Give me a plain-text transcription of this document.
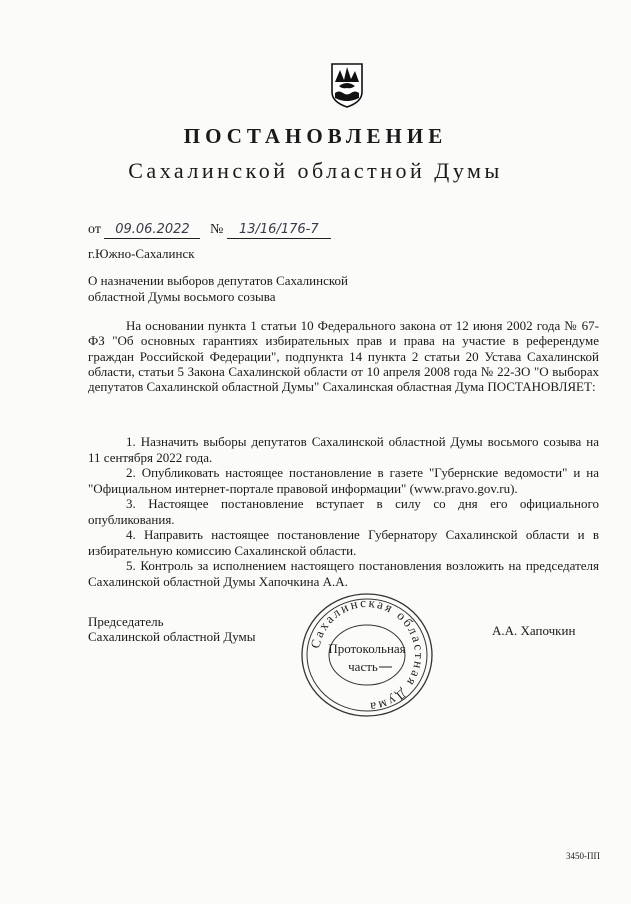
ПОСТАНОВЛЕНИЕ
Сахалинской областной Думы
от 09.06.2022 № 13/16/176-7
г.Южно-Сахалинск
О назначении выборов депутатов Сахалинской областной Думы восьмого созыва

На основании пункта 1 статьи 10 Федерального закона от 12 июня 2002 года № 67-ФЗ "Об основных гарантиях избирательных прав и права на участие в референдуме граждан Российской Федерации", подпункта 14 пункта 2 статьи 20 Устава Сахалинской области, статьи 5 Закона Сахалинской области от 10 апреля 2008 года № 22-ЗО "О выборах депутатов Сахалинской областной Думы" Сахалинская областная Дума ПОСТАНОВЛЯЕТ:

1. Назначить выборы депутатов Сахалинской областной Думы восьмого созыва на 11 сентября 2022 года.

2. Опубликовать настоящее постановление в газете "Губернские ведомости" и на "Официальном интернет-портале правовой информации" (www.pravo.gov.ru).

3. Настоящее постановление вступает в силу со дня его официального опубликования.

4. Направить настоящее постановление Губернатору Сахалинской области и в избирательную комиссию Сахалинской области.

5. Контроль за исполнением настоящего постановления возложить на председателя Сахалинской областной Думы Хапочкина А.А.

Председатель
Сахалинской областной Думы	Сахалинская областная Дума
Протокольная
часть
А.А. Хапочкин
3450-ПП
